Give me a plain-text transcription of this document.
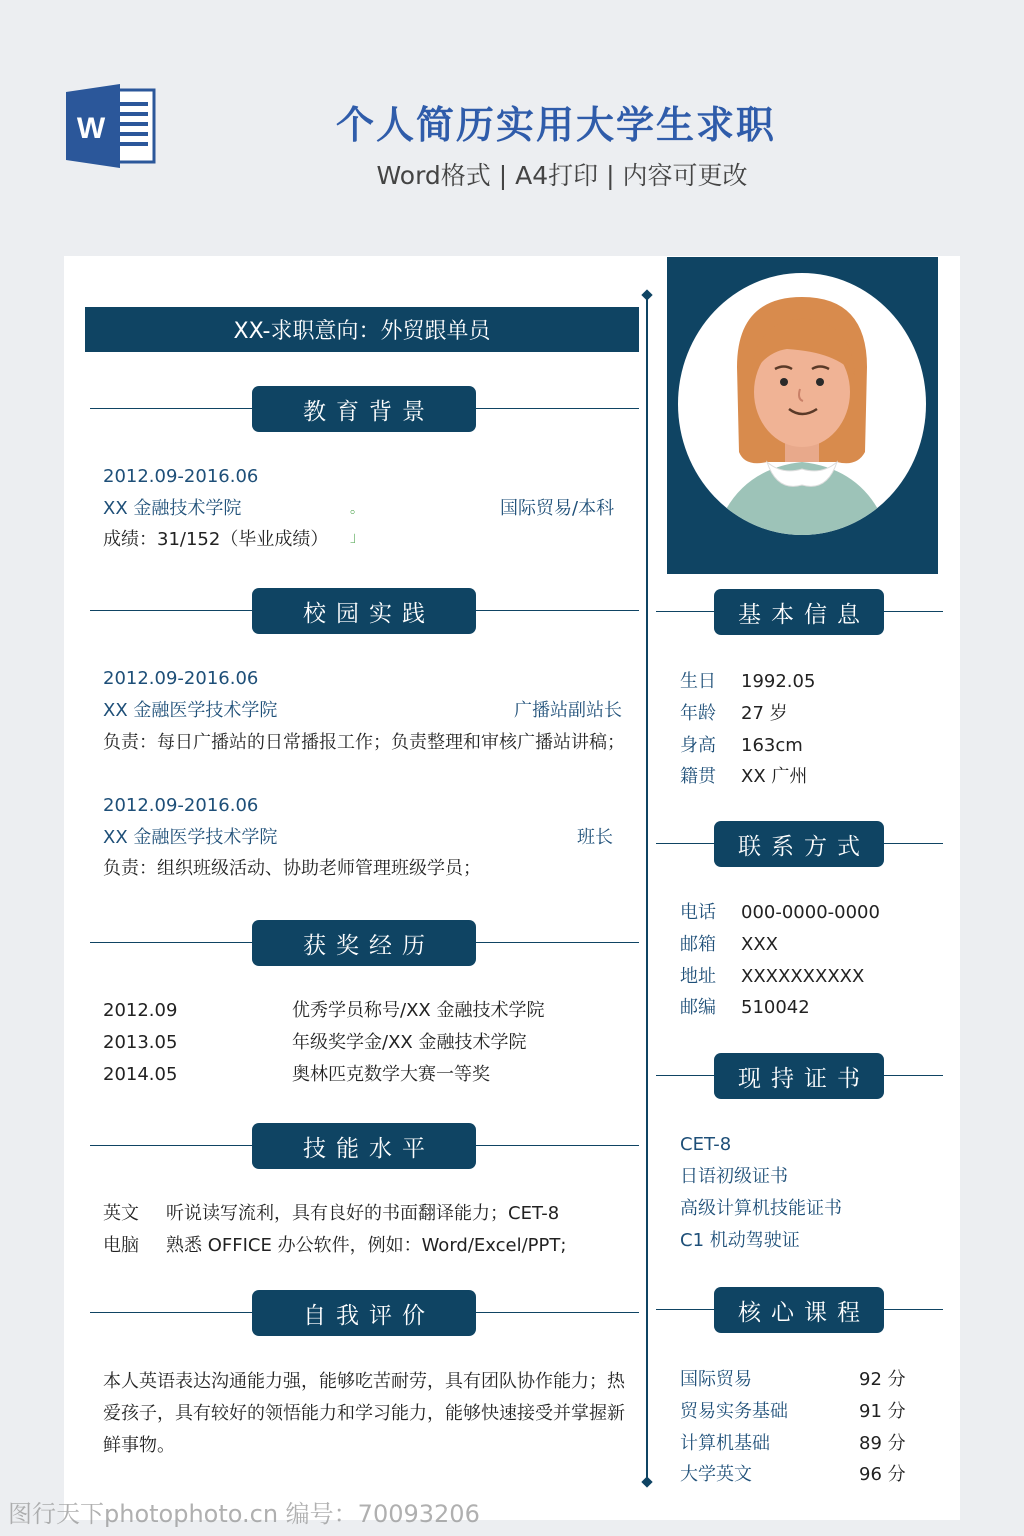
W	个人简历实用大学生求职
Word格式 | A4打印 | 内容可更改
XX-求职意向：外贸跟单员
教育背景
2012.09-2016.06
XX 金融技术学院	。	国际贸易/本科
成绩：31/152（毕业成绩） 」
校园实践
2012.09-2016.06
XX 金融医学技术学院	广播站副站长
负责：每日广播站的日常播报工作；负责整理和审核广播站讲稿；
2012.09-2016.06
XX 金融医学技术学院	班长
负责：组织班级活动、协助老师管理班级学员；
获奖经历
2012.09	优秀学员称号/XX 金融技术学院
2013.05	年级奖学金/XX 金融技术学院
2014.05	奥林匹克数学大赛一等奖
技能水平
英文 听说读写流利，具有良好的书面翻译能力；CET-8
电脑 熟悉 OFFICE 办公软件，例如：Word/Excel/PPT;
自我评价
本人英语表达沟通能力强，能够吃苦耐劳，具有团队协作能力；热
爱孩子，具有较好的领悟能力和学习能力，能够快速接受并掌握新
鲜事物。
基本信息
生日 1992.05
年龄 27 岁
身高 163cm
籍贯 XX 广州
联系方式
电话 000-0000-0000
邮箱 XXX
地址 XXXXXXXXXX
邮编 510042
现持证书
CET-8
日语初级证书
高级计算机技能证书
C1 机动驾驶证
核心课程
国际贸易	92 分
贸易实务基础	91 分
计算机基础	89 分
大学英文	96 分
图行天下photophoto.cn 编号：70093206
